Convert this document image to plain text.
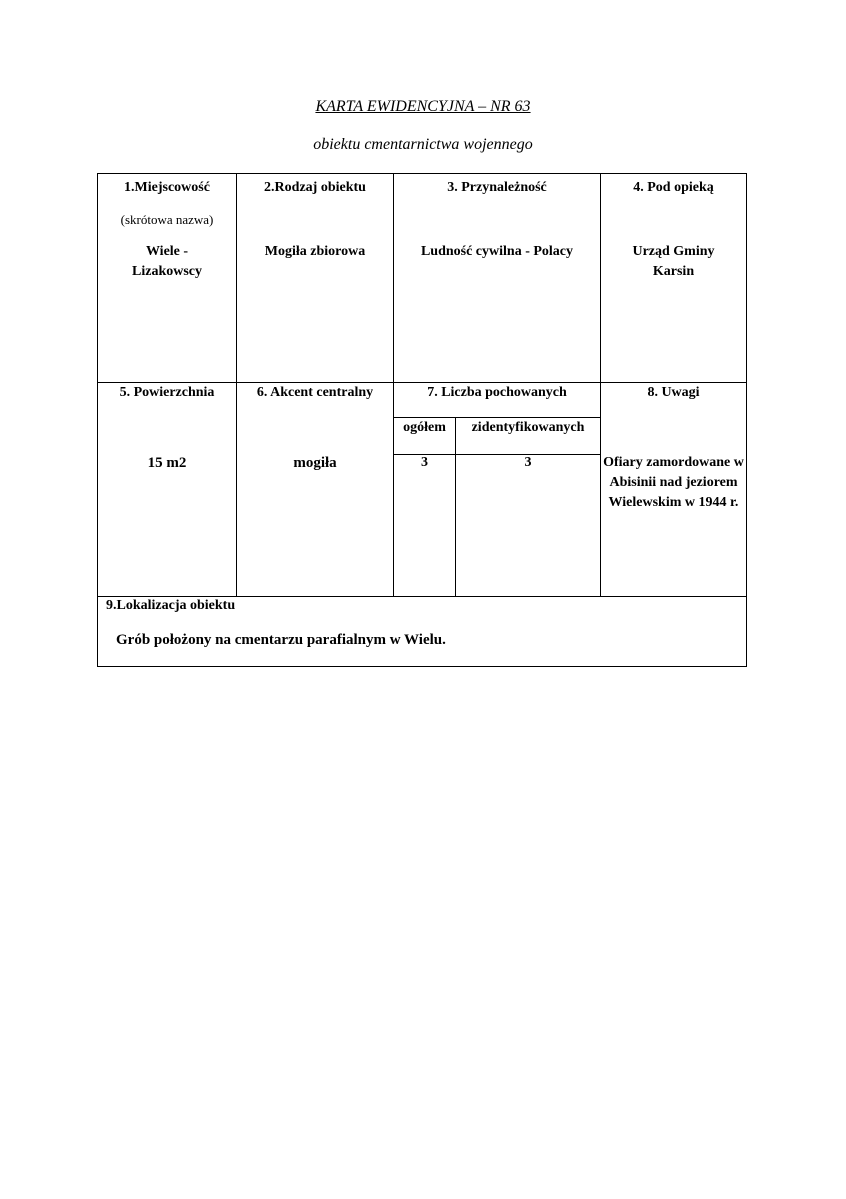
KARTA EWIDENCYJNA – NR 63
obiektu cmentarnictwa wojennego
1.Miejscowość
(skrótowa nazwa)
Wiele - Lizakowscy
2.Rodzaj obiektu
Mogiła zbiorowa
3. Przynależność
Ludność cywilna - Polacy
4. Pod opieką
Urząd Gminy Karsin
5. Powierzchnia
15 m2
6. Akcent centralny
mogiła
7. Liczba pochowanych
ogółem	zidentyfikowanych
3	3
8. Uwagi
Ofiary zamordowane w Abisinii nad jeziorem Wielewskim w 1944 r.
9.Lokalizacja obiektu
Grób położony na cmentarzu parafialnym w Wielu.
